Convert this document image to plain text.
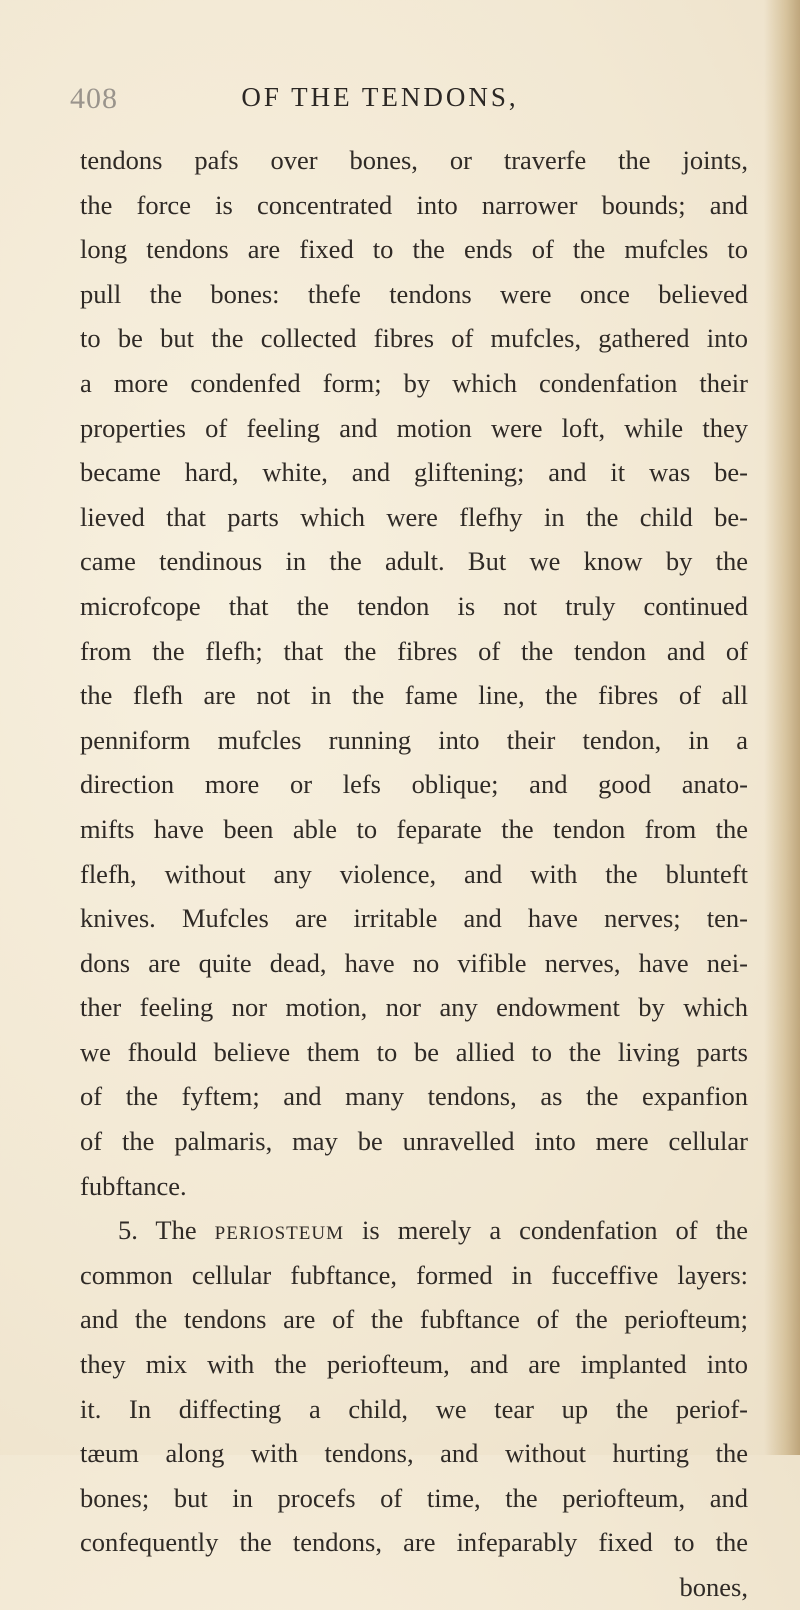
408	OF THE TENDONS,
tendons pafs over bones, or traverfe the joints,
the force is concentrated into narrower bounds; and
long tendons are fixed to the ends of the mufcles to
pull the bones: thefe tendons were once believed
to be but the collected fibres of mufcles, gathered into
a more condenfed form; by which condenfation their
properties of feeling and motion were loft, while they
became hard, white, and gliftening; and it was be-
lieved that parts which were flefhy in the child be-
came tendinous in the adult. But we know by the
microfcope that the tendon is not truly continued
from the flefh; that the fibres of the tendon and of
the flefh are not in the fame line, the fibres of all
penniform mufcles running into their tendon, in a
direction more or lefs oblique; and good anato-
mifts have been able to feparate the tendon from the
flefh, without any violence, and with the blunteft
knives. Mufcles are irritable and have nerves; ten-
dons are quite dead, have no vifible nerves, have nei-
ther feeling nor motion, nor any endowment by which
we fhould believe them to be allied to the living parts
of the fyftem; and many tendons, as the expanfion
of the palmaris, may be unravelled into mere cellular
fubftance.
5. The periosteum is merely a condenfation of the
common cellular fubftance, formed in fucceffive layers:
and the tendons are of the fubftance of the periofteum;
they mix with the periofteum, and are implanted into
it. In diffecting a child, we tear up the periof-
tæum along with tendons, and without hurting the
bones; but in procefs of time, the periofteum, and
confequently the tendons, are infeparably fixed to the
bones,
